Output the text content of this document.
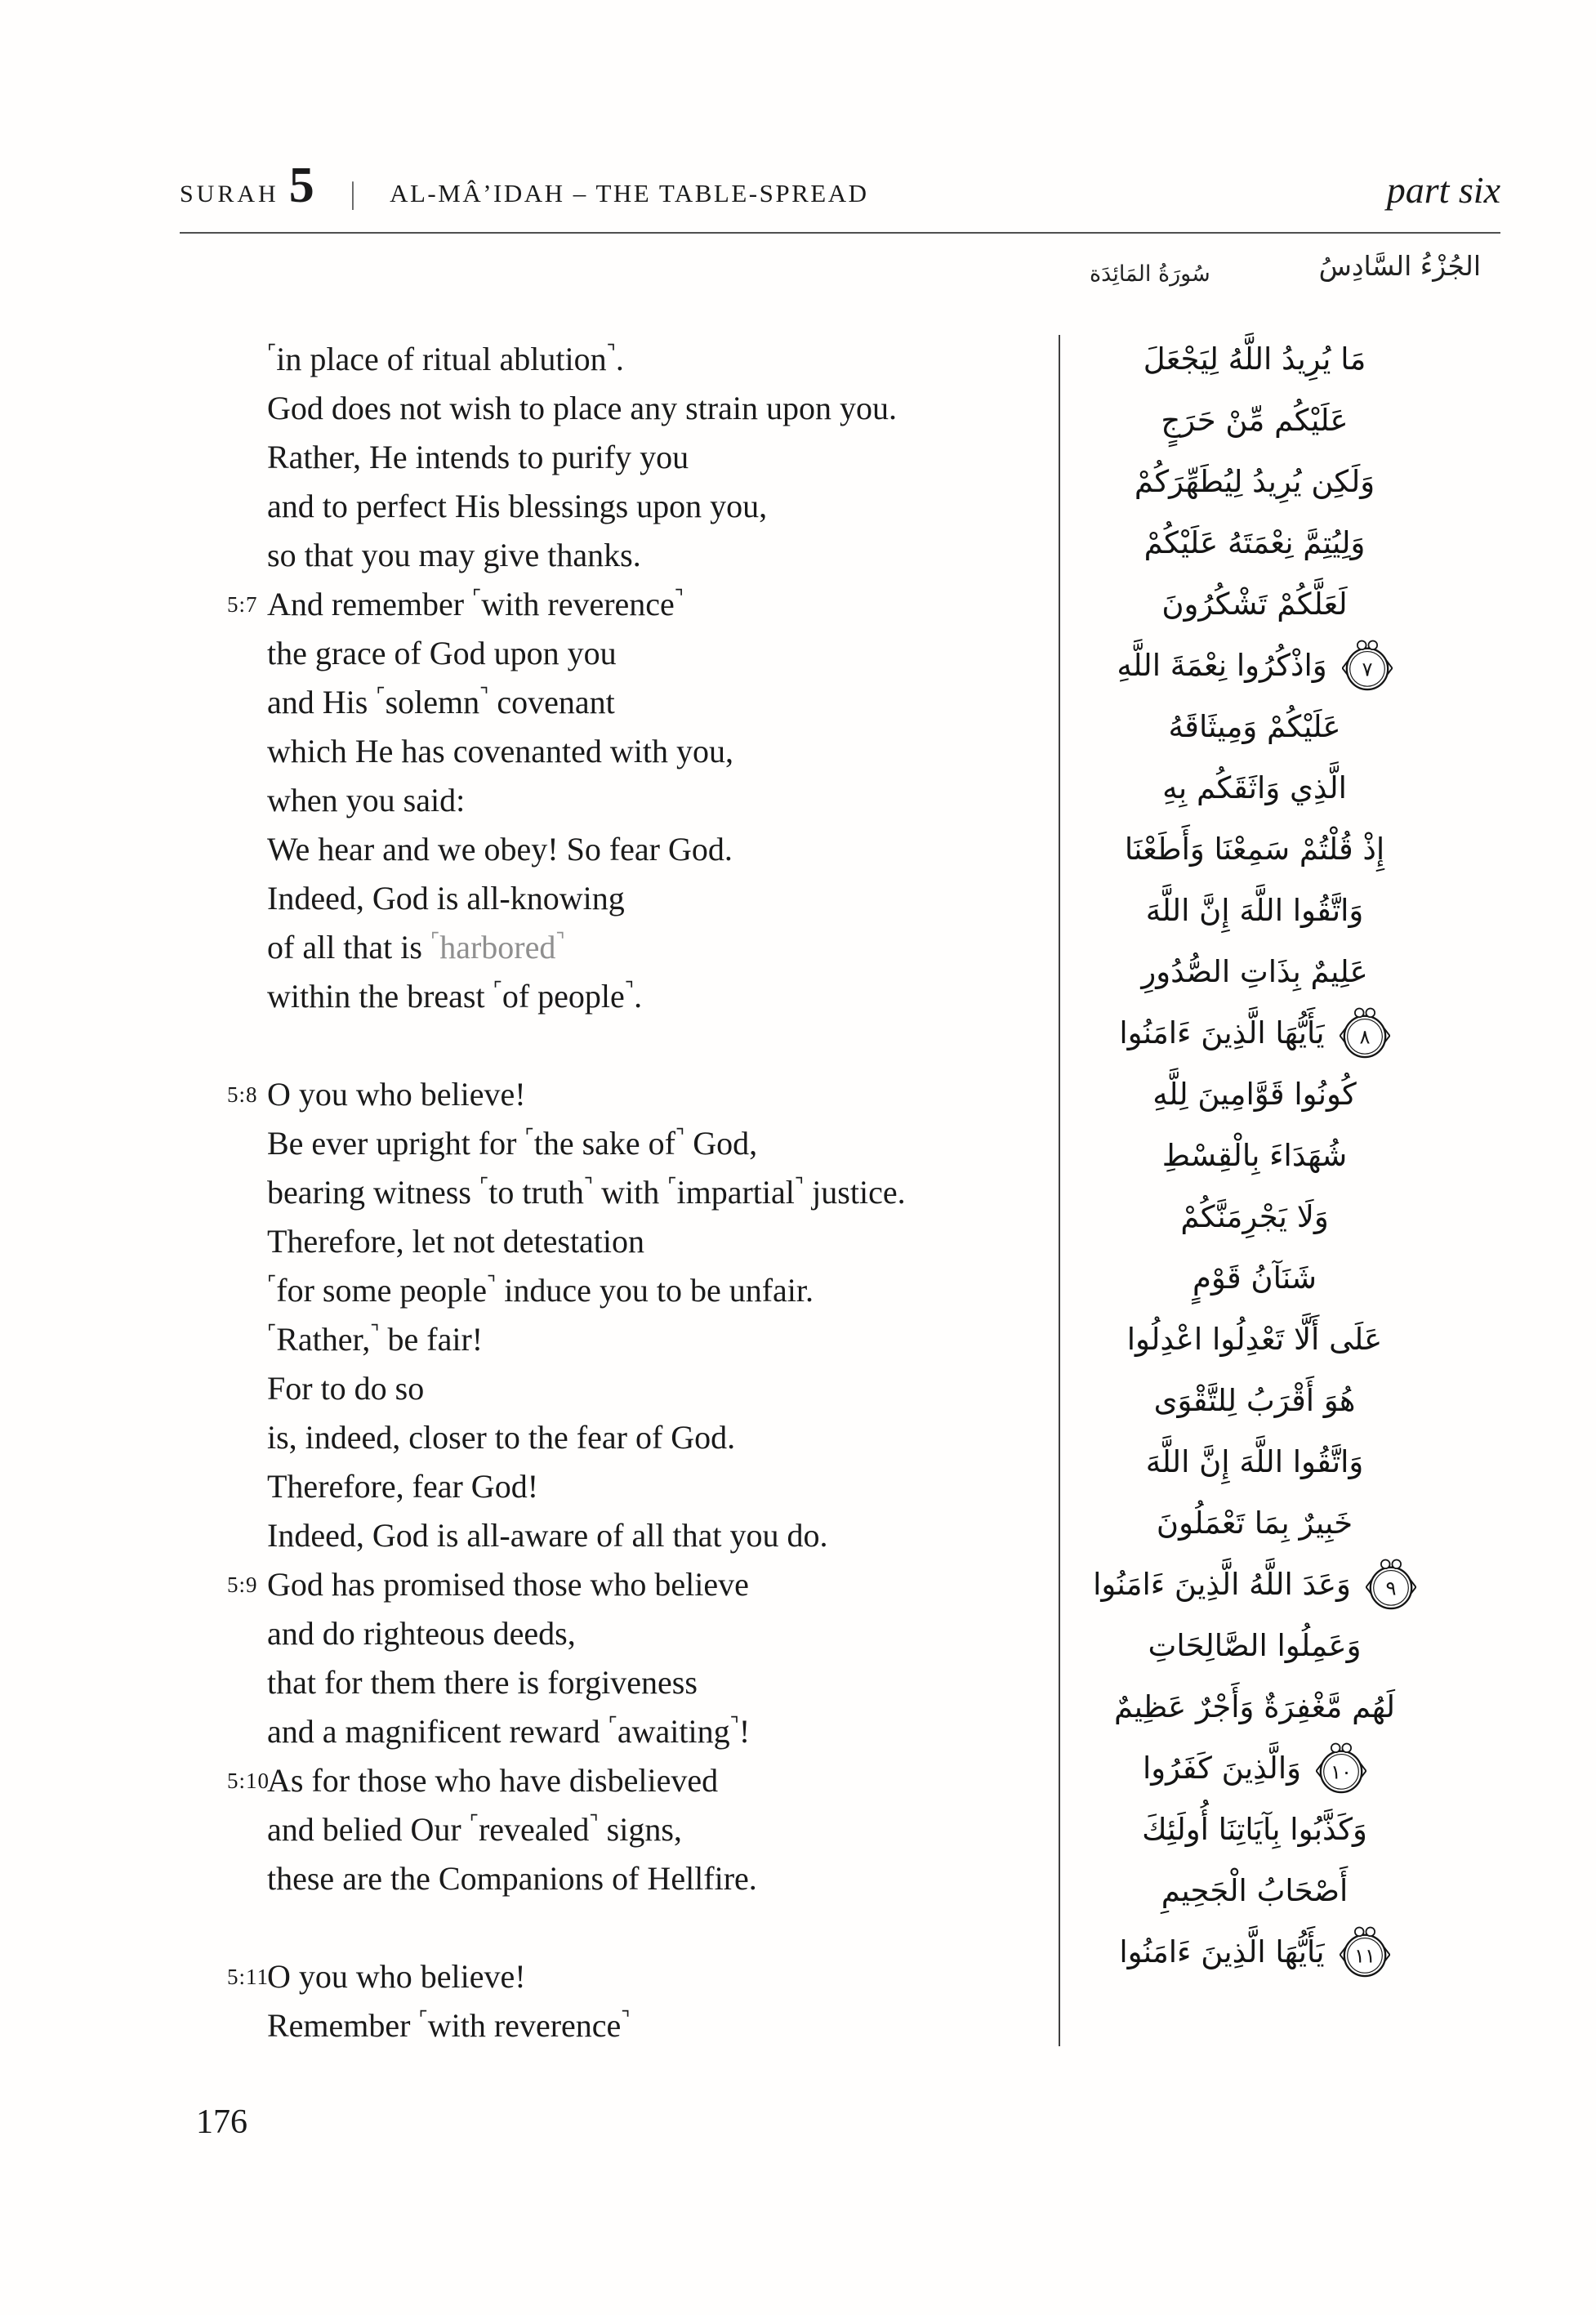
SURAH 5 | AL-MÂ’IDAH – THE TABLE-SPREAD	part six
الجُزْءُ السَّادِسُ
سُورَةُ المَائِدَة
⌜in place of ritual ablution⌝.
God does not wish to place any strain upon you.
Rather, He intends to purify you
and to perfect His blessings upon you,
so that you may give thanks.
5:7 And remember ⌜with reverence⌝
the grace of God upon you
and His ⌜solemn⌝ covenant
which He has covenanted with you,
when you said:
We hear and we obey! So fear God.
Indeed, God is all-knowing
of all that is ⌜harbored⌝
within the breast ⌜of people⌝.
5:8 O you who believe!
Be ever upright for ⌜the sake of⌝ God,
bearing witness ⌜to truth⌝ with ⌜impartial⌝ justice.
Therefore, let not detestation
⌜for some people⌝ induce you to be unfair.
⌜Rather,⌝ be fair!
For to do so
is, indeed, closer to the fear of God.
Therefore, fear God!
Indeed, God is all-aware of all that you do.
5:9 God has promised those who believe
and do righteous deeds,
that for them there is forgiveness
and a magnificent reward ⌜awaiting⌝!
5:10
As for those who have disbelieved
and belied Our ⌜revealed⌝ signs,
these are the Companions of Hellfire.
5:11
O you who believe!
Remember ⌜with reverence⌝
مَا يُرِيدُ اللَّهُ لِيَجْعَلَ
عَلَيْكُم مِّنْ حَرَجٍ
وَلَكِن يُرِيدُ لِيُطَهِّرَكُمْ
وَلِيُتِمَّ نِعْمَتَهُ عَلَيْكُمْ
لَعَلَّكُمْ تَشْكُرُونَ
٧
وَاذْكُرُوا نِعْمَةَ اللَّهِ
عَلَيْكُمْ وَمِيثَاقَهُ
الَّذِي وَاثَقَكُم بِهِ
إِذْ قُلْتُمْ سَمِعْنَا وَأَطَعْنَا
وَاتَّقُوا اللَّهَ إِنَّ اللَّهَ
عَلِيمٌ بِذَاتِ الصُّدُورِ
٨
يَأَيُّهَا الَّذِينَ ءَامَنُوا
كُونُوا قَوَّامِينَ لِلَّهِ
شُهَدَاءَ بِالْقِسْطِ
وَلَا يَجْرِمَنَّكُمْ
شَنَآنُ قَوْمٍ
عَلَى أَلَّا تَعْدِلُوا اعْدِلُوا
هُوَ أَقْرَبُ لِلتَّقْوَى
وَاتَّقُوا اللَّهَ إِنَّ اللَّهَ
خَبِيرٌ بِمَا تَعْمَلُونَ
٩
وَعَدَ اللَّهُ الَّذِينَ ءَامَنُوا
وَعَمِلُوا الصَّالِحَاتِ
لَهُم مَّغْفِرَةٌ وَأَجْرٌ عَظِيمٌ
١٠
وَالَّذِينَ كَفَرُوا
وَكَذَّبُوا بِآيَاتِنَا أُولَئِكَ
أَصْحَابُ الْجَحِيمِ
١١
يَأَيُّهَا الَّذِينَ ءَامَنُوا
176
